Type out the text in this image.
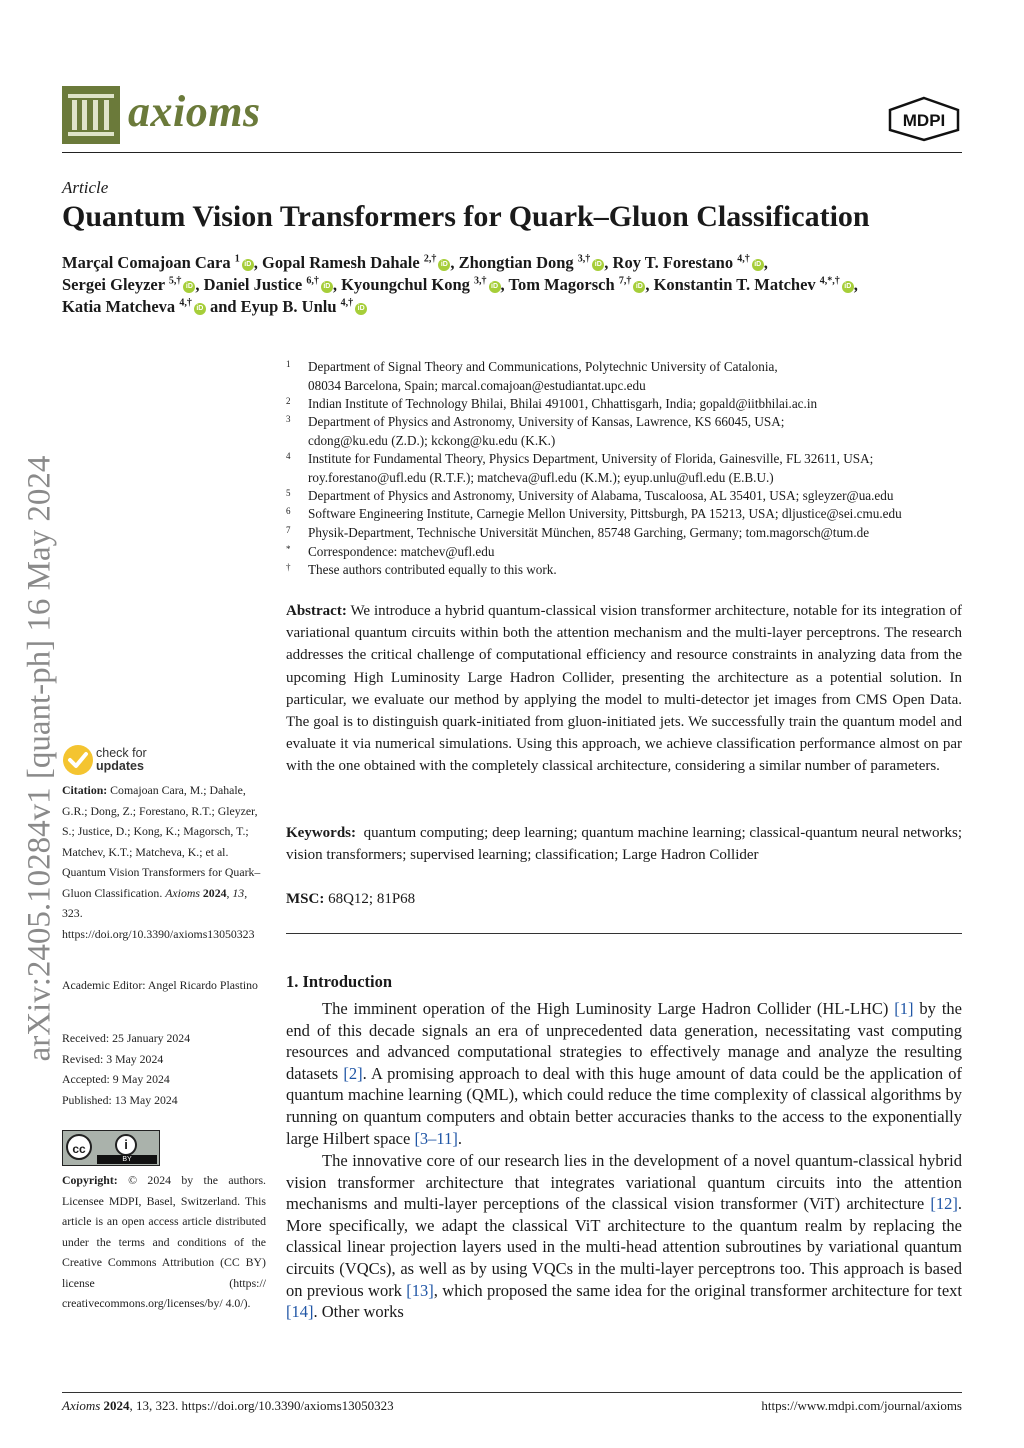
axioms	MDPI
Article
Quantum Vision Transformers for Quark–Gluon Classification
Marçal Comajoan Cara $^1$ iD , Gopal Ramesh Dahale $^{2,\dagger}$ iD , Zhongtian Dong $^{3,\dagger}$ iD , Roy T. Forestano $^{4,\dagger}$ iD ,
Sergei Gleyzer $^{5,\dagger}$ iD , Daniel Justice $^{6,\dagger}$ iD , Kyoungchul Kong $^{3,\dagger}$ iD , Tom Magorsch $^{7,\dagger}$ iD , Konstantin T. Matchev $^{4,*,\dagger}$ iD ,
Katia Matcheva $^{4,\dagger}$ iD and Eyup B. Unlu $^{4,\dagger}$ iD
1 Department of Signal Theory and Communications, Polytechnic University of Catalonia,
08034 Barcelona, Spain; marcal.comajoan@estudiantat.upc.edu
2 Indian Institute of Technology Bhilai, Bhilai 491001, Chhattisgarh, India; gopald@iitbhilai.ac.in
3 Department of Physics and Astronomy, University of Kansas, Lawrence, KS 66045, USA;
cdong@ku.edu (Z.D.); kckong@ku.edu (K.K.)
4 Institute for Fundamental Theory, Physics Department, University of Florida, Gainesville, FL 32611, USA;
roy.forestano@ufl.edu (R.T.F.); matcheva@ufl.edu (K.M.); eyup.unlu@ufl.edu (E.B.U.)
5 Department of Physics and Astronomy, University of Alabama, Tuscaloosa, AL 35401, USA; sgleyzer@ua.edu
6 Software Engineering Institute, Carnegie Mellon University, Pittsburgh, PA 15213, USA; dljustice@sei.cmu.edu
7 Physik-Department, Technische Universität München, 85748 Garching, Germany; tom.magorsch@tum.de
* Correspondence: matchev@ufl.edu
† These authors contributed equally to this work.
Abstract: We introduce a hybrid quantum-classical vision transformer architecture, notable for its integration of variational quantum circuits within both the attention mechanism and the multi-layer perceptrons. The research addresses the critical challenge of computational efficiency and resource constraints in analyzing data from the upcoming High Luminosity Large Hadron Collider, presenting the architecture as a potential solution. In particular, we evaluate our method by applying the model to multi-detector jet images from CMS Open Data. The goal is to distinguish quark-initiated from gluon-initiated jets. We successfully train the quantum model and evaluate it via numerical simulations. Using this approach, we achieve classification performance almost on par with the one obtained with the completely classical architecture, considering a similar number of parameters.
Keywords: quantum computing; deep learning; quantum machine learning; classical-quantum neural networks; vision transformers; supervised learning; classification; Large Hadron Collider
MSC: 68Q12; 81P68
1. Introduction
The imminent operation of the High Luminosity Large Hadron Collider (HL-LHC) [1] by the end of this decade signals an era of unprecedented data generation, necessitating vast computing resources and advanced computational strategies to effectively manage and analyze the resulting datasets [2]. A promising approach to deal with this huge amount of data could be the application of quantum machine learning (QML), which could reduce the time complexity of classical algorithms by running on quantum computers and obtain better accuracies thanks to the access to the exponentially large Hilbert space [3–11].
The innovative core of our research lies in the development of a novel quantum-classical hybrid vision transformer architecture that integrates variational quantum circuits into the attention mechanisms and multi-layer perceptions of the classical vision transformer (ViT) architecture [12]. More specifically, we adapt the classical ViT architecture to the quantum realm by replacing the classical linear projection layers used in the multi-head attention subroutines by variational quantum circuits (VQCs), as well as by using VQCs in the multi-layer perceptrons too. This approach is based on previous work [13], which proposed the same idea for the original transformer architecture for text [14]. Other works
arXiv:2405.10284v1 [quant-ph] 16 May 2024	check for
updates
Citation: Comajoan Cara, M.; Dahale, G.R.; Dong, Z.; Forestano, R.T.; Gleyzer, S.; Justice, D.; Kong, K.; Magorsch, T.; Matchev, K.T.; Matcheva, K.; et al. Quantum Vision Transformers for Quark–Gluon Classification. Axioms 2024, 13, 323. https://doi.org/10.3390/axioms13050323
Academic Editor: Angel Ricardo Plastino
Received: 25 January 2024
Revised: 3 May 2024
Accepted: 9 May 2024
Published: 13 May 2024
cc	i
BY
Copyright: © 2024 by the authors. Licensee MDPI, Basel, Switzerland. This article is an open access article distributed under the terms and conditions of the Creative Commons Attribution (CC BY) license (https:// creativecommons.org/licenses/by/ 4.0/).
Axioms 2024, 13, 323. https://doi.org/10.3390/axioms13050323	https://www.mdpi.com/journal/axioms
